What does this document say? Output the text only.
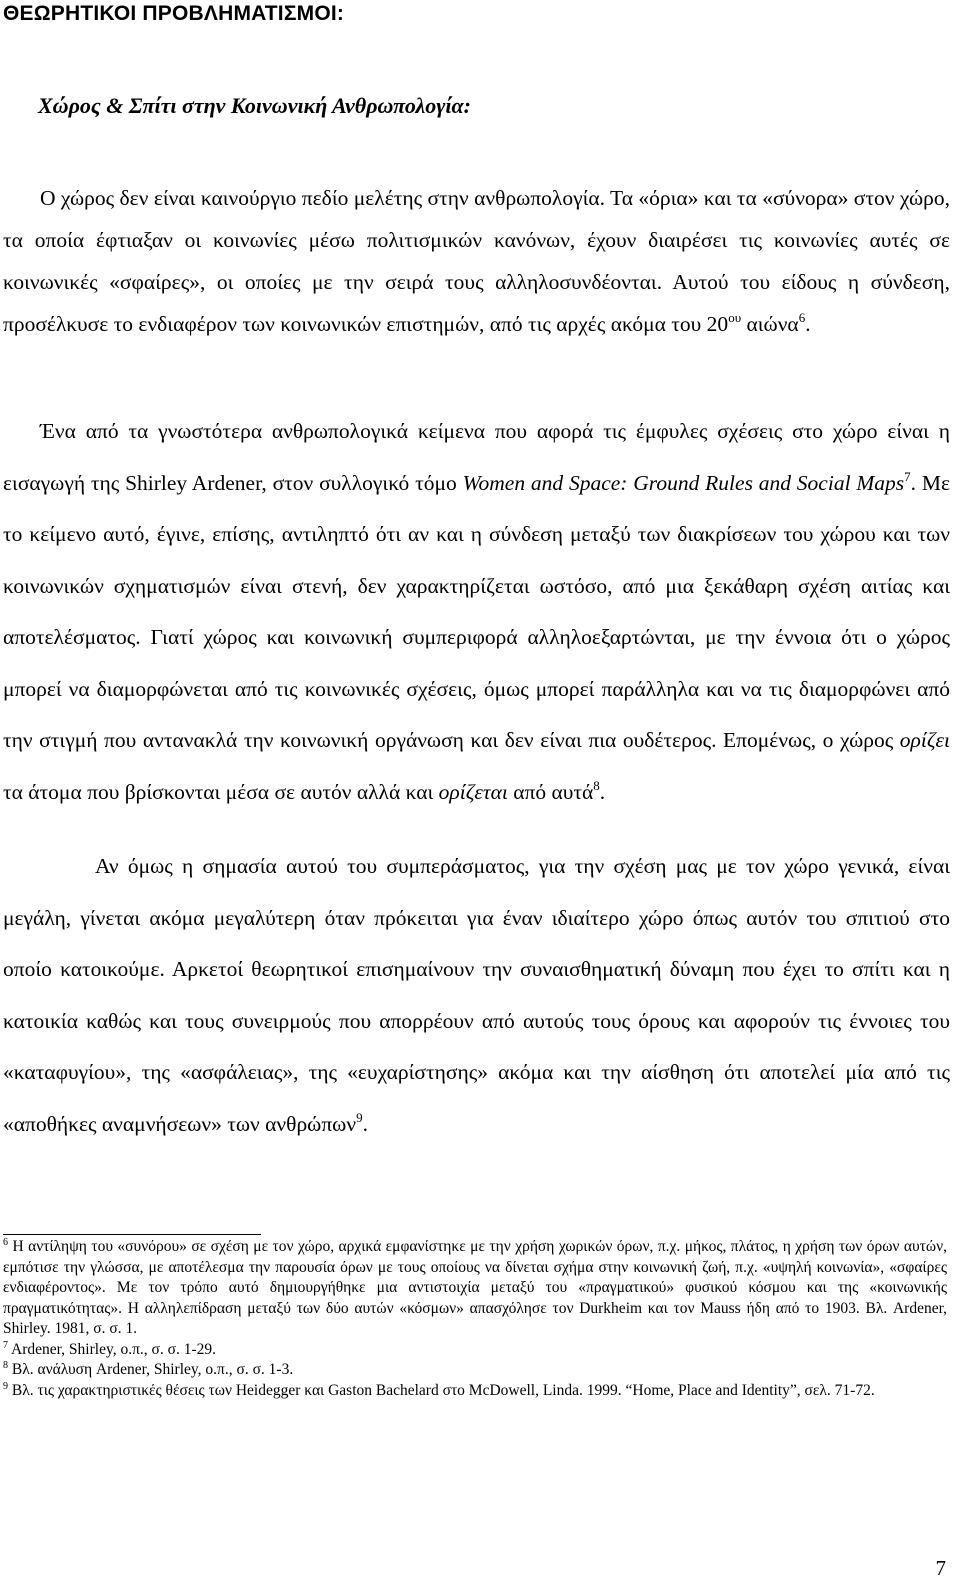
ΘΕΩΡΗΤΙΚΟΙ ΠΡΟΒΛΗΜΑΤΙΣΜΟΙ:
Χώρος & Σπίτι στην Κοινωνική Ανθρωπολογία:

Ο χώρος δεν είναι καινούργιο πεδίο μελέτης στην ανθρωπολογία. Τα «όρια» και τα «σύνορα» στον χώρο, τα οποία έφτιαξαν οι κοινωνίες μέσω πολιτισμικών κανόνων, έχουν διαιρέσει τις κοινωνίες αυτές σε κοινωνικές «σφαίρες», οι οποίες με την σειρά τους αλληλοσυνδέονται. Αυτού του είδους η σύνδεση, προσέλκυσε το ενδιαφέρον των κοινωνικών επιστημών, από τις αρχές ακόμα του $20^{o\upsilon}$ αιώνα$^6$.

Ένα από τα γνωστότερα ανθρωπολογικά κείμενα που αφορά τις έμφυλες σχέσεις στο χώρο είναι η εισαγωγή της Shirley Ardener, στον συλλογικό τόμο Women and Space: Ground Rules and Social Maps$^7$. Με το κείμενο αυτό, έγινε, επίσης, αντιληπτό ότι αν και η σύνδεση μεταξύ των διακρίσεων του χώρου και των κοινωνικών σχηματισμών είναι στενή, δεν χαρακτηρίζεται ωστόσο, από μια ξεκάθαρη σχέση αιτίας και αποτελέσματος. Γιατί χώρος και κοινωνική συμπεριφορά αλληλοεξαρτώνται, με την έννοια ότι ο χώρος μπορεί να διαμορφώνεται από τις κοινωνικές σχέσεις, όμως μπορεί παράλληλα και να τις διαμορφώνει από την στιγμή που αντανακλά την κοινωνική οργάνωση και δεν είναι πια ουδέτερος. Επομένως, ο χώρος ορίζει τα άτομα που βρίσκονται μέσα σε αυτόν αλλά και ορίζεται από αυτά$^8$.

Αν όμως η σημασία αυτού του συμπεράσματος, για την σχέση μας με τον χώρο γενικά, είναι μεγάλη, γίνεται ακόμα μεγαλύτερη όταν πρόκειται για έναν ιδιαίτερο χώρο όπως αυτόν του σπιτιού στο οποίο κατοικούμε. Αρκετοί θεωρητικοί επισημαίνουν την συναισθηματική δύναμη που έχει το σπίτι και η κατοικία καθώς και τους συνειρμούς που απορρέουν από αυτούς τους όρους και αφορούν τις έννοιες του «καταφυγίου», της «ασφάλειας», της «ευχαρίστησης» ακόμα και την αίσθηση ότι αποτελεί μία από τις «αποθήκες αναμνήσεων» των ανθρώπων$^9$.

$^6$ Η αντίληψη του «συνόρου» σε σχέση με τον χώρο, αρχικά εμφανίστηκε με την χρήση χωρικών όρων, π.χ. μήκος, πλάτος, η χρήση των όρων αυτών, εμπότισε την γλώσσα, με αποτέλεσμα την παρουσία όρων με τους οποίους να δίνεται σχήμα στην κοινωνική ζωή, π.χ. «υψηλή κοινωνία», «σφαίρες ενδιαφέροντος». Με τον τρόπο αυτό δημιουργήθηκε μια αντιστοιχία μεταξύ του «πραγματικού» φυσικού κόσμου και της «κοινωνικής πραγματικότητας». Η αλληλεπίδραση μεταξύ των δύο αυτών «κόσμων» απασχόλησε τον Durkheim και τον Mauss ήδη από το 1903. Βλ. Ardener, Shirley. 1981, σ. σ. 1.

$^7$ Ardener, Shirley, ο.π., σ. σ. 1-29.

$^8$ Βλ. ανάλυση Ardener, Shirley, ο.π., σ. σ. 1-3.

$^9$ Βλ. τις χαρακτηριστικές θέσεις των Heidegger και Gaston Bachelard στο McDowell, Linda. 1999. “Home, Place and Identity”, σελ. 71-72.

7
